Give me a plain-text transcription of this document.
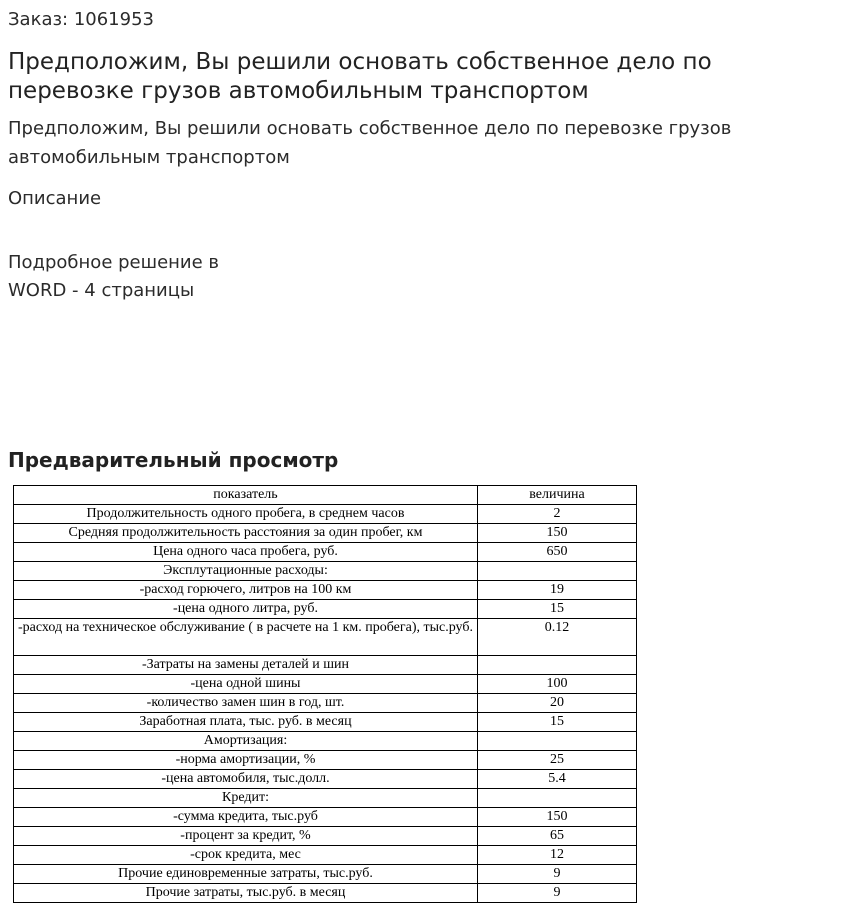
Заказ: 1061953

Предположим, Вы решили основать собственное дело по перевозке грузов автомобильным транспортом

Предположим, Вы решили основать собственное дело по перевозке грузов автомобильным транспортом

Описание

Подробное решение в WORD - 4 страницы

Предварительный просмотр
показатель	величина
Продолжительность одного пробега, в среднем часов	2
Средняя продолжительность расстояния за один пробег, км	150
Цена одного часа пробега, руб.	650
Эксплутационные расходы:	
-расход горючего, литров на 100 км	19
-цена одного литра, руб.	15
-расход на техническое обслуживание ( в расчете на 1 км. пробега), тыс.руб.	0.12
-Затраты на замены деталей и шин	
-цена одной шины	100
-количество замен шин в год, шт.	20
Заработная плата, тыс. руб. в месяц	15
Амортизация:	
-норма амортизации, %	25
-цена автомобиля, тыс.долл.	5.4
Кредит:	
-сумма кредита, тыс.руб	150
-процент за кредит, %	65
-срок кредита, мес	12
Прочие единовременные затраты, тыс.руб.	9
Прочие затраты, тыс.руб. в месяц	9
